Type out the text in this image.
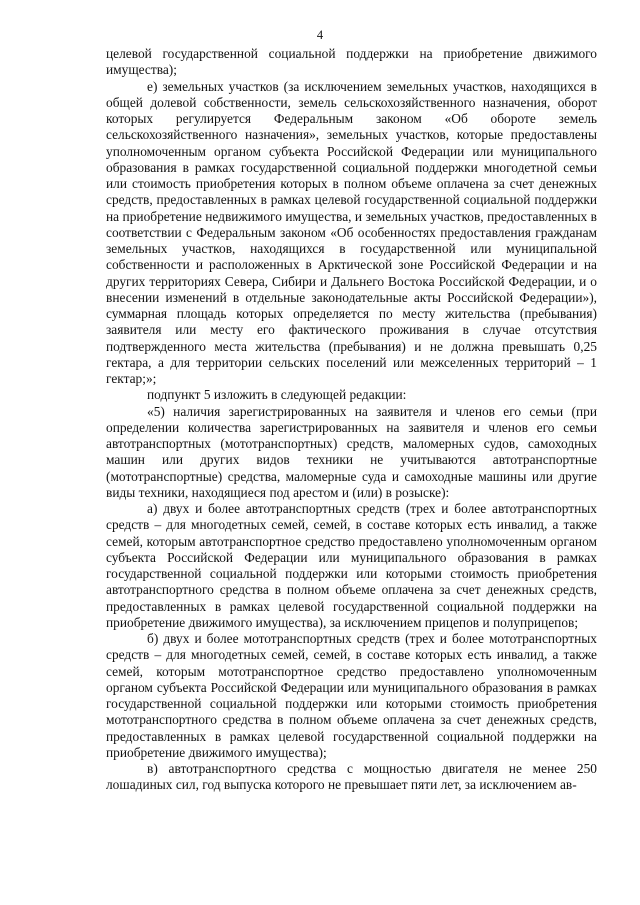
4

целевой государственной социальной поддержки на приобретение движимого имущества);

е) земельных участков (за исключением земельных участков, находящихся в общей долевой собственности, земель сельскохозяйственного назначения, оборот которых регулируется Федеральным законом «Об обороте земель сельскохозяйственного назначения», земельных участков, которые предоставлены уполномоченным органом субъекта Российской Федерации или муниципального образования в рамках государственной социальной поддержки многодетной семьи или стоимость приобретения которых в полном объеме оплачена за счет денежных средств, предоставленных в рамках целевой государственной социальной поддержки на приобретение недвижимого имущества, и земельных участков, предоставленных в соответствии с Федеральным законом «Об особенностях предоставления гражданам земельных участков, находящихся в государственной или муниципальной собственности и расположенных в Арктической зоне Российской Федерации и на других территориях Севера, Сибири и Дальнего Востока Российской Федерации, и о внесении изменений в отдельные законодательные акты Российской Федерации»), суммарная площадь которых определяется по месту жительства (пребывания) заявителя или месту его фактического проживания в случае отсутствия подтвержденного места жительства (пребывания) и не должна превышать 0,25 гектара, а для территории сельских поселений или межселенных территорий – 1 гектар;»;

подпункт 5 изложить в следующей редакции:

«5) наличия зарегистрированных на заявителя и членов его семьи (при определении количества зарегистрированных на заявителя и членов его семьи автотранспортных (мототранспортных) средств, маломерных судов, самоходных машин или других видов техники не учитываются автотранспортные (мототранспортные) средства, маломерные суда и самоходные машины или другие виды техники, находящиеся под арестом и (или) в розыске):

а) двух и более автотранспортных средств (трех и более автотранспортных средств – для многодетных семей, семей, в составе которых есть инвалид, а также семей, которым автотранспортное средство предоставлено уполномоченным органом субъекта Российской Федерации или муниципального образования в рамках государственной социальной поддержки или которыми стоимость приобретения автотранспортного средства в полном объеме оплачена за счет денежных средств, предоставленных в рамках целевой государственной социальной поддержки на приобретение движимого имущества), за исключением прицепов и полуприцепов;

б) двух и более мототранспортных средств (трех и более мототранспортных средств – для многодетных семей, семей, в составе которых есть инвалид, а также семей, которым мототранспортное средство предоставлено уполномоченным органом субъекта Российской Федерации или муниципального образования в рамках государственной социальной поддержки или которыми стоимость приобретения мототранспортного средства в полном объеме оплачена за счет денежных средств, предоставленных в рамках целевой государственной социальной поддержки на приобретение движимого имущества);

в) автотранспортного средства с мощностью двигателя не менее 250 лошадиных сил, год выпуска которого не превышает пяти лет, за исключением ав-
